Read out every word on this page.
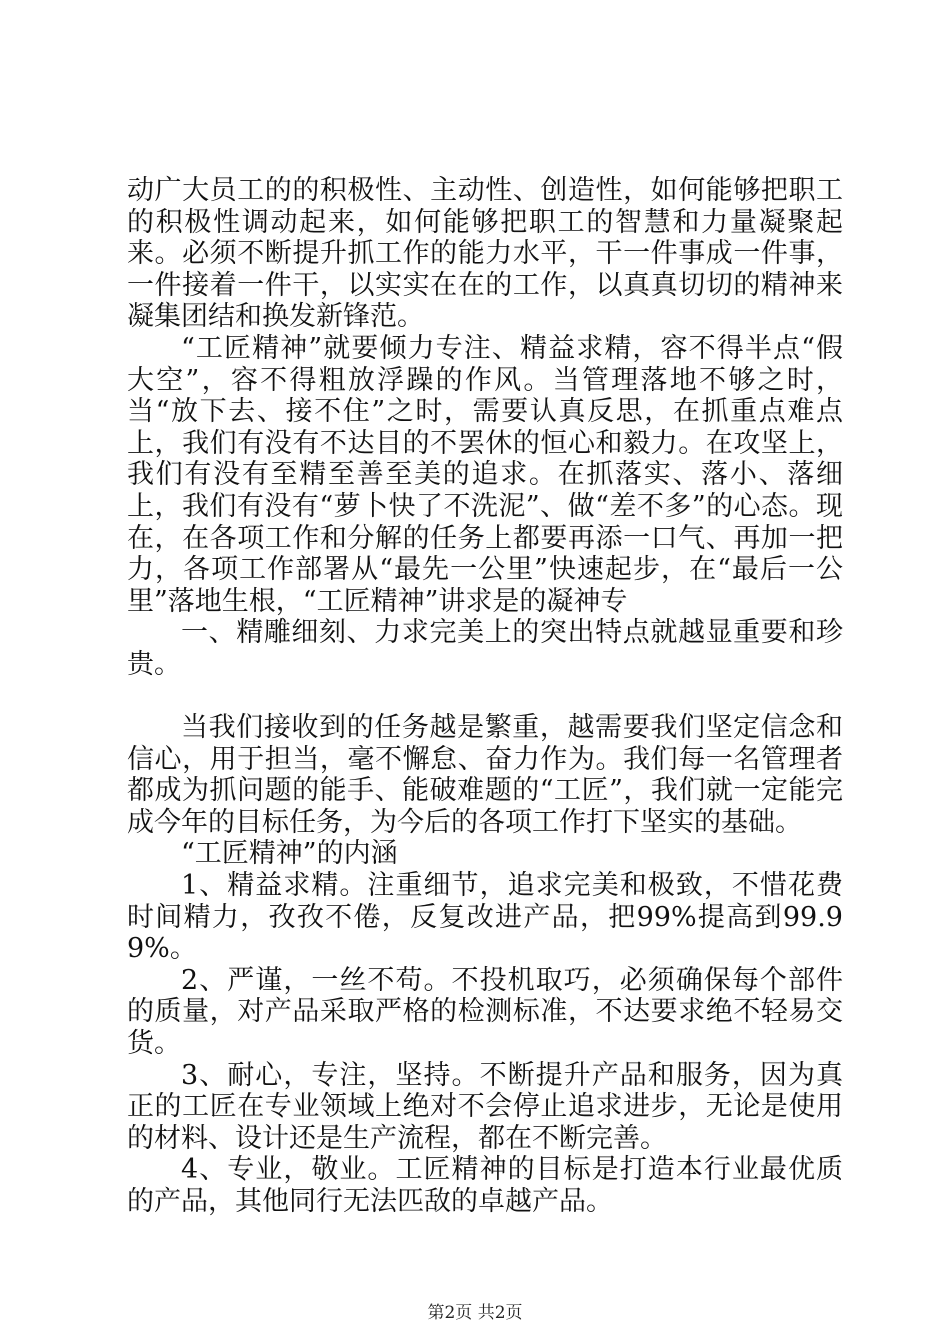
动广大员工的的积极性、主动性、创造性，如何能够把职工的积极性调动起来，如何能够把职工的智慧和力量凝聚起来。必须不断提升抓工作的能力水平，干一件事成一件事，一件接着一件干，以实实在在的工作，以真真切切的精神来凝集团结和换发新锋范。

“工匠精神”就要倾力专注、精益求精，容不得半点“假大空”，容不得粗放浮躁的作风。当管理落地不够之时，当“放下去、接不住”之时，需要认真反思，在抓重点难点上，我们有没有不达目的不罢休的恒心和毅力。在攻坚上，我们有没有至精至善至美的追求。在抓落实、落小、落细上，我们有没有“萝卜快了不洗泥”、做“差不多”的心态。现在，在各项工作和分解的任务上都要再添一口气、再加一把力，各项工作部署从“最先一公里”快速起步，在“最后一公里”落地生根，“工匠精神”讲求是的凝神专

一、精雕细刻、力求完美上的突出特点就越显重要和珍贵。

当我们接收到的任务越是繁重，越需要我们坚定信念和信心，用于担当，毫不懈怠、奋力作为。我们每一名管理者都成为抓问题的能手、能破难题的“工匠”，我们就一定能完成今年的目标任务，为今后的各项工作打下坚实的基础。

“工匠精神”的内涵

1、精益求精。注重细节，追求完美和极致，不惜花费时间精力，孜孜不倦，反复改进产品，把99%提高到99.99%。

2、严谨，一丝不苟。不投机取巧，必须确保每个部件的质量，对产品采取严格的检测标准，不达要求绝不轻易交货。

3、耐心，专注，坚持。不断提升产品和服务，因为真正的工匠在专业领域上绝对不会停止追求进步，无论是使用的材料、设计还是生产流程，都在不断完善。

4、专业，敬业。工匠精神的目标是打造本行业最优质的产品，其他同行无法匹敌的卓越产品。

第2页 共2页
